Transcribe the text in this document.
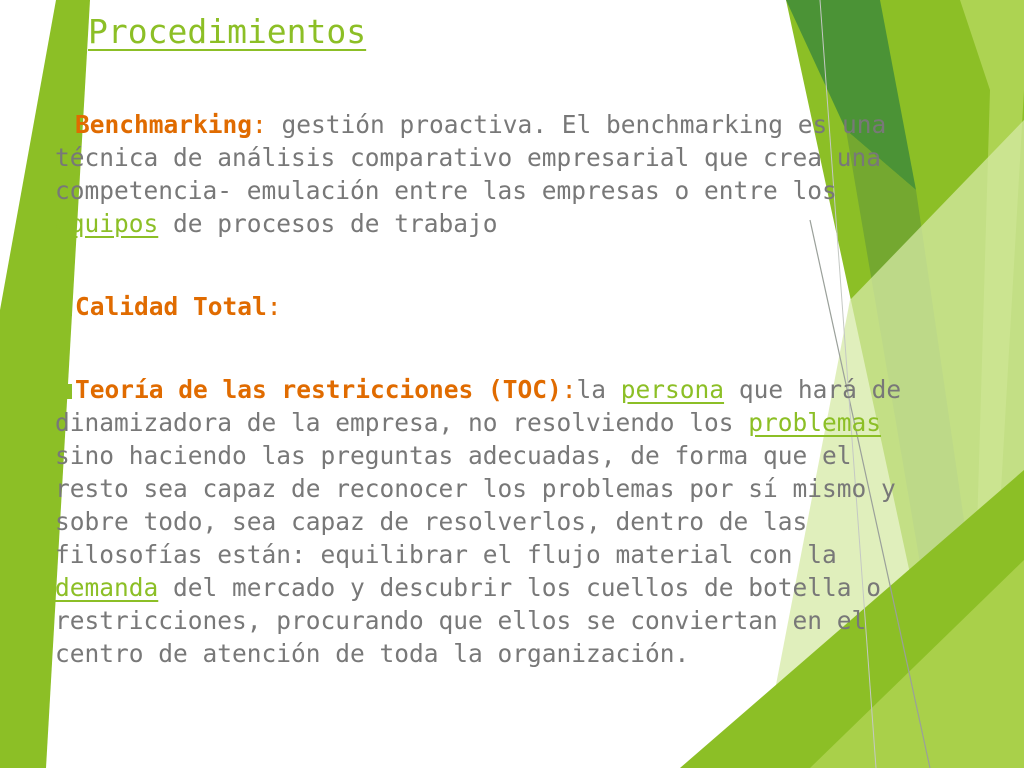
Procedimientos

Benchmarking: gestión proactiva. El benchmarking es una técnica de análisis comparativo empresarial que crea una competencia- emulación entre las empresas o entre los equipos de procesos de trabajo

Calidad Total:

Teoría de las restricciones (TOC):la persona que hará de dinamizadora de la empresa, no resolviendo los problemas sino haciendo las preguntas adecuadas, de forma que el resto sea capaz de reconocer los problemas por sí mismo y sobre todo, sea capaz de resolverlos, dentro de las filosofías están: equilibrar el flujo material con la demanda del mercado y descubrir los cuellos de botella o restricciones, procurando que ellos se conviertan en el centro de atención de toda la organización.
